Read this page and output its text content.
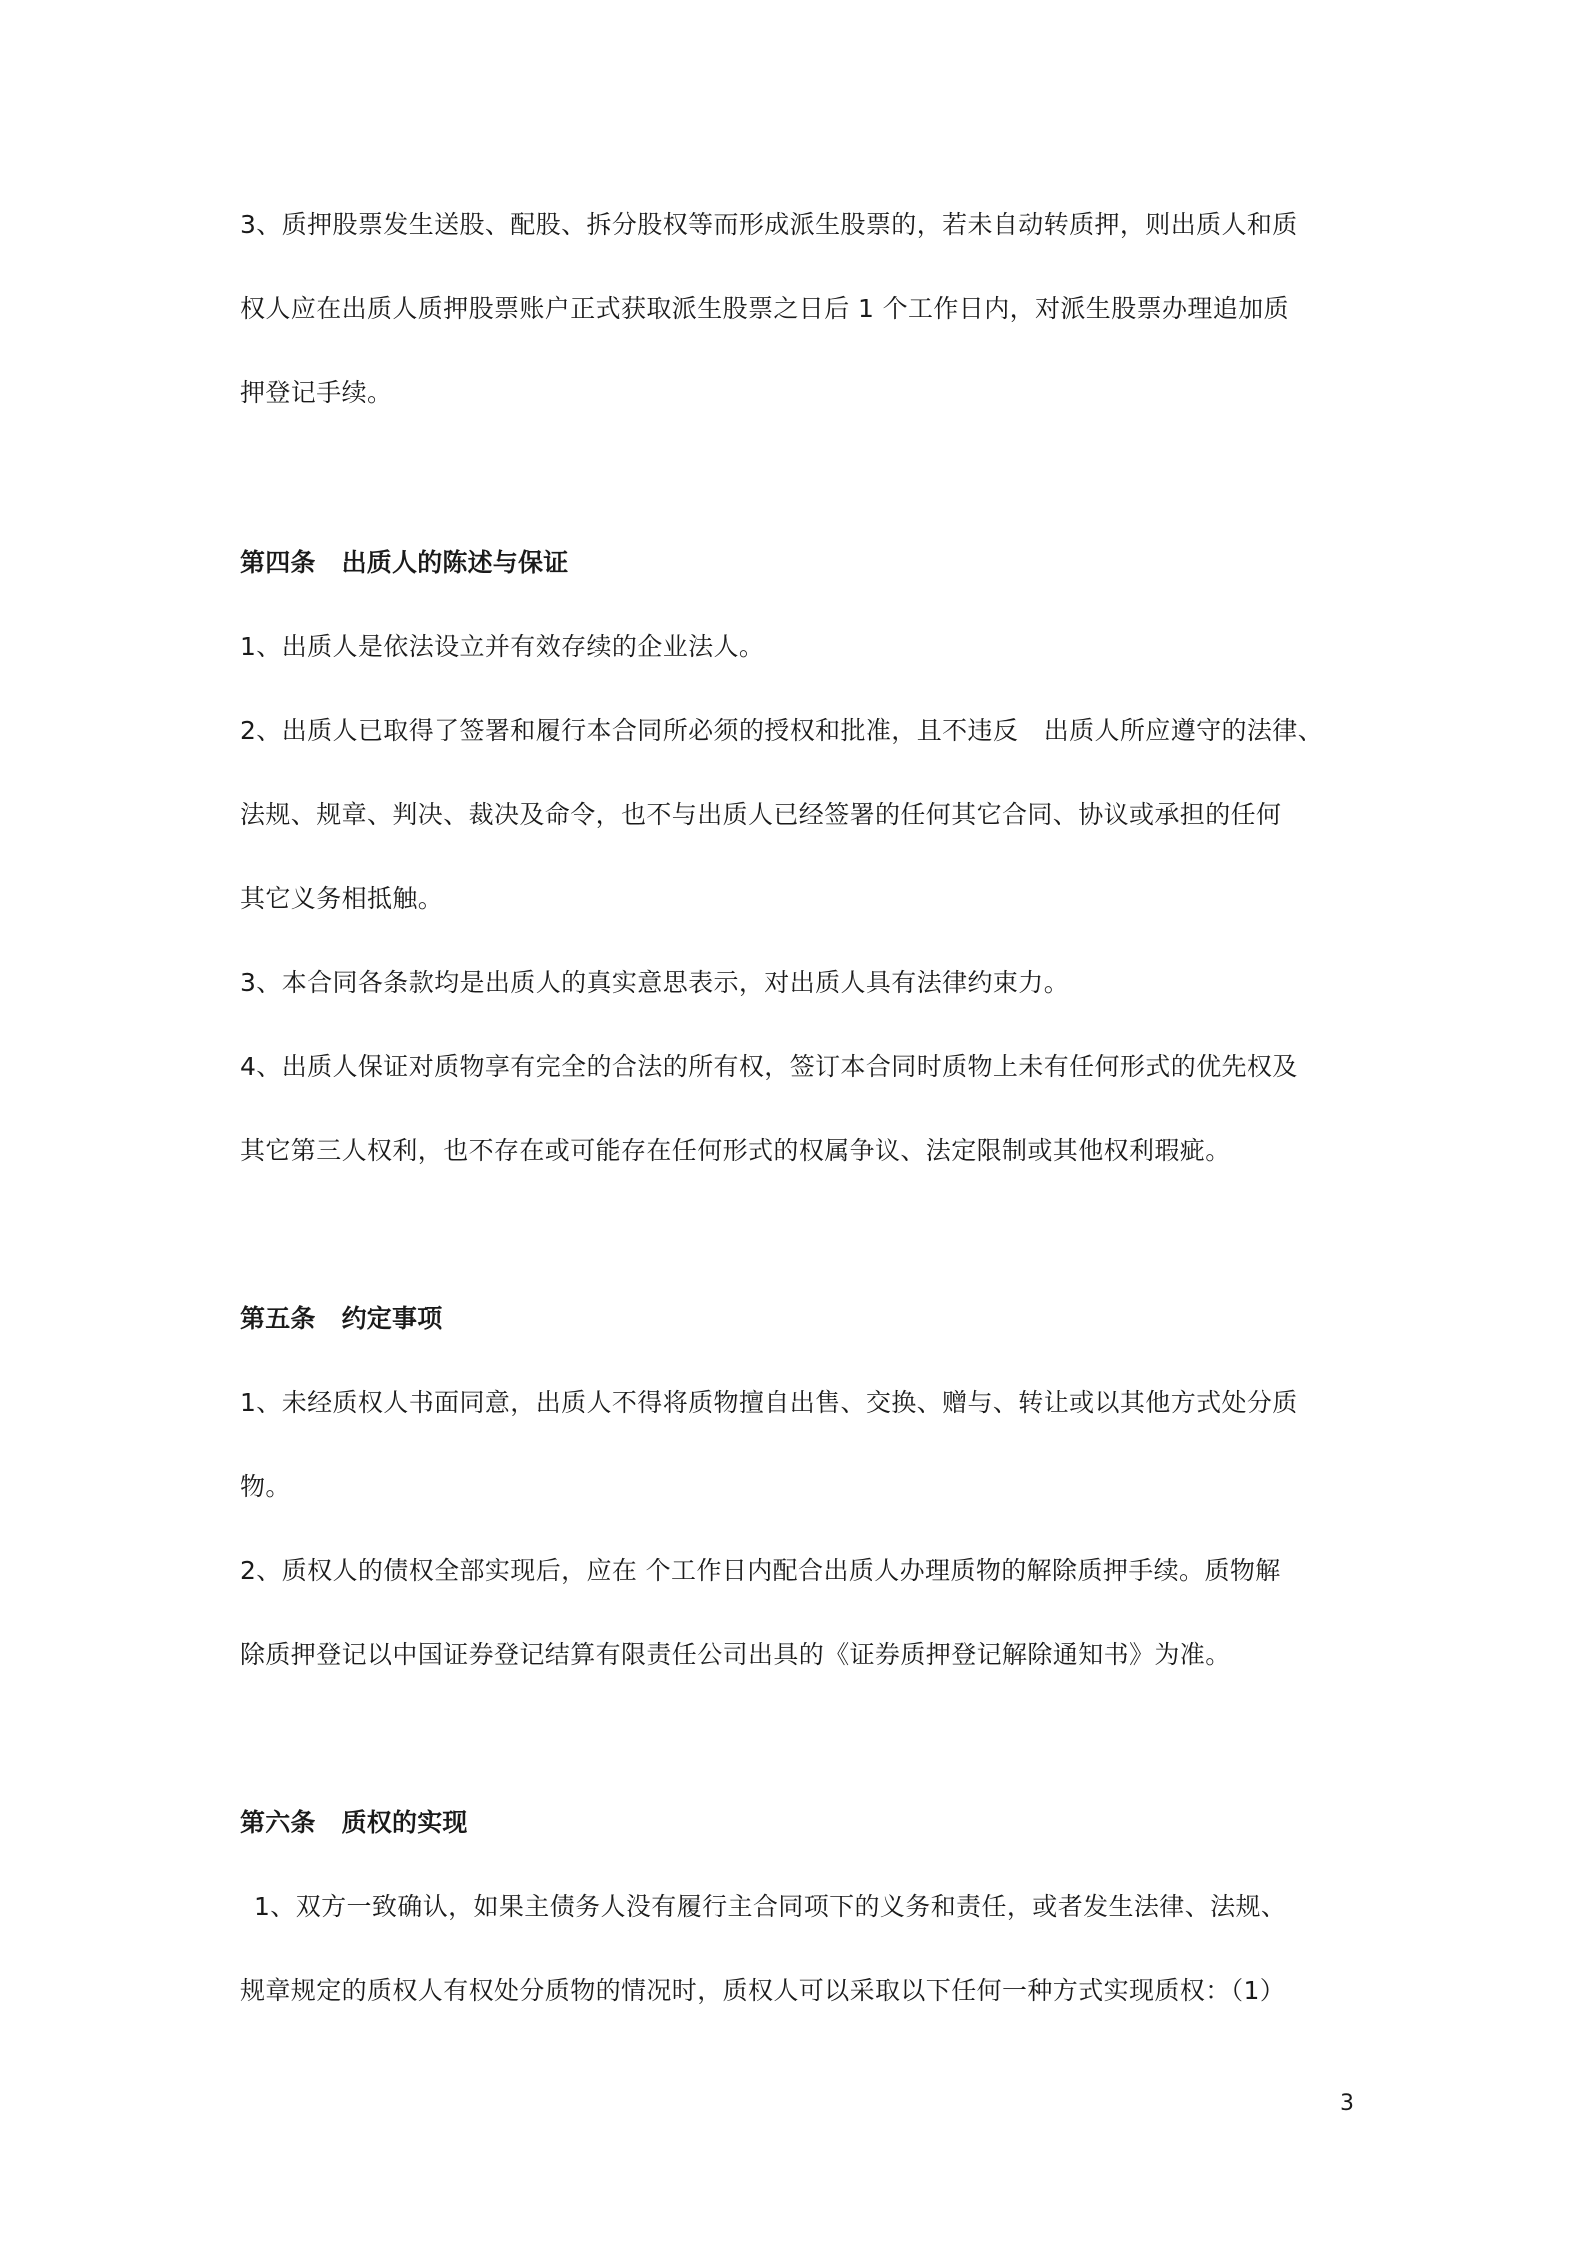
3、质押股票发生送股、配股、拆分股权等而形成派生股票的，若未自动转质押，则出质人和质
权人应在出质人质押股票账户正式获取派生股票之日后 1 个工作日内，对派生股票办理追加质
押登记手续。
第四条 出质人的陈述与保证
1、出质人是依法设立并有效存续的企业法人。
2、出质人已取得了签署和履行本合同所必须的授权和批准，且不违反　出质人所应遵守的法律、
法规、规章、判决、裁决及命令，也不与出质人已经签署的任何其它合同、协议或承担的任何
其它义务相抵触。
3、本合同各条款均是出质人的真实意思表示，对出质人具有法律约束力。
4、出质人保证对质物享有完全的合法的所有权，签订本合同时质物上未有任何形式的优先权及
其它第三人权利，也不存在或可能存在任何形式的权属争议、法定限制或其他权利瑕疵。
第五条 约定事项
1、未经质权人书面同意，出质人不得将质物擅自出售、交换、赠与、转让或以其他方式处分质
物。
2、质权人的债权全部实现后，应在 个工作日内配合出质人办理质物的解除质押手续。质物解
除质押登记以中国证券登记结算有限责任公司出具的《证券质押登记解除通知书》为准。
第六条 质权的实现
1、双方一致确认，如果主债务人没有履行主合同项下的义务和责任，或者发生法律、法规、
规章规定的质权人有权处分质物的情况时，质权人可以采取以下任何一种方式实现质权：（1）
3
